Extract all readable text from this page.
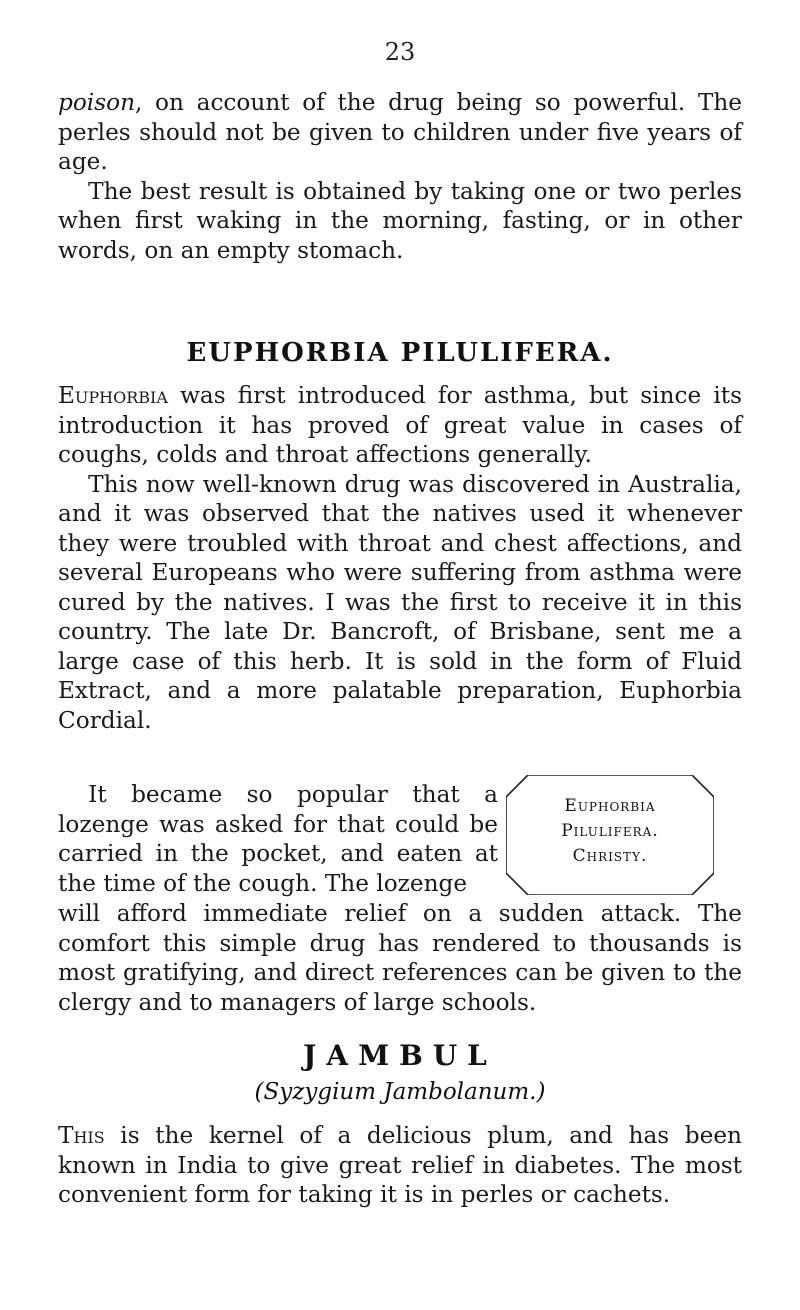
23

poison, on account of the drug being so powerful. The perles should not be given to children under five years of age.

The best result is obtained by taking one or two perles when first waking in the morning, fasting, or in other words, on an empty stomach.

EUPHORBIA PILULIFERA.

Euphorbia was first introduced for asthma, but since its introduction it has proved of great value in cases of coughs, colds and throat affections generally.

This now well-known drug was discovered in Australia, and it was observed that the natives used it whenever they were troubled with throat and chest affections, and several Europeans who were suffering from asthma were cured by the natives. I was the first to receive it in this country. The late Dr. Bancroft, of Brisbane, sent me a large case of this herb. It is sold in the form of Fluid Extract, and a more palatable preparation, Euphorbia Cordial.

It became so popular that a lozenge was asked for that could be carried in the pocket, and eaten at the time of the cough. The lozenge

Euphorbia
Pilulifera.
Christy.

will afford immediate relief on a sudden attack. The comfort this simple drug has rendered to thousands is most gratifying, and direct references can be given to the clergy and to managers of large schools.

JAMBUL
(Syzygium Jambolanum.)

This is the kernel of a delicious plum, and has been known in India to give great relief in diabetes. The most convenient form for taking it is in perles or cachets.
